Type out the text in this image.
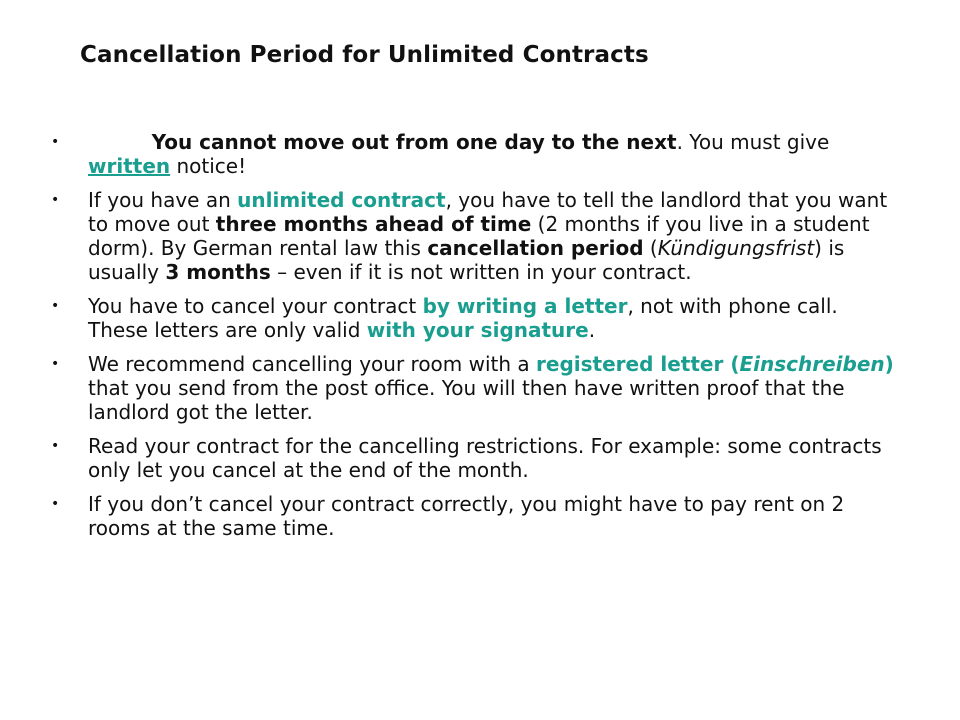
Cancellation Period for Unlimited Contracts
•	You cannot move out from one day to the next. You must give written notice!
• If you have an unlimited contract, you have to tell the landlord that you want to move out three months ahead of time (2 months if you live in a student dorm). By German rental law this cancellation period (Kündigungsfrist) is usually 3 months – even if it is not written in your contract.
• You have to cancel your contract by writing a letter, not with phone call. These letters are only valid with your signature.
• We recommend cancelling your room with a registered letter (Einschreiben) that you send from the post office. You will then have written proof that the landlord got the letter.
• Read your contract for the cancelling restrictions. For example: some contracts only let you cancel at the end of the month.
• If you don’t cancel your contract correctly, you might have to pay rent on 2 rooms at the same time.
